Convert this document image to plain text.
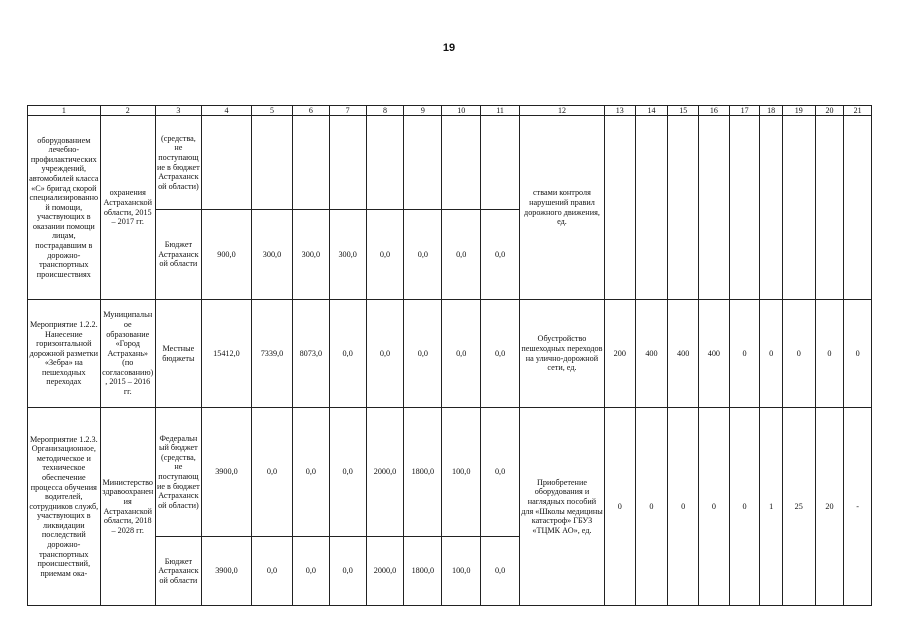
19
1	2	3	4	5	6	7	8	9	10	11	12	13	14	15	16	17	18	19	20	21
оборудованием лечебно-профилактических учреждений, автомобилей класса «С» бригад скорой специализированной помощи, участвующих в оказании помощи лицам, пострадавшим в дорожно-транспортных происшествиях	охранения Астраханской области, 2015 – 2017 гг.	(средства, не поступающие в бюджет Астраханской области)									ствами контроля нарушений правил дорожного движения, ед.									
		Бюджет Астраханской области	900,0	300,0	300,0	300,0	0,0	0,0	0,0	0,0										
Мероприятие 1.2.2. Нанесение горизонтальной дорожной разметки «Зебра» на пешеходных переходах	Муниципальное образование «Город Астрахань» (по согласованию), 2015 – 2016 гг.	Местные бюджеты	15412,0	7339,0	8073,0	0,0	0,0	0,0	0,0	0,0	Обустройство пешеходных переходов на улично-дорожной сети, ед.	200	400	400	400	0	0	0	0	0
Мероприятие 1.2.3. Организационное, методическое и техническое обеспечение процесса обучения водителей, сотрудников служб, участвующих в ликвидации последствий дорожно-транспортных происшествий, приемам ока-	Министерство здравоохранения Астраханской области, 2018 – 2028 гг.	Федеральный бюджет (средства, не поступающие в бюджет Астраханской области)	3900,0	0,0	0,0	0,0	2000,0	1800,0	100,0	0,0	Приобретение оборудования и наглядных пособий для «Школы медицины катастроф» ГБУЗ «ТЦМК АО», ед.	0	0	0	0	0	1	25	20	-
		Бюджет Астраханской области	3900,0	0,0	0,0	0,0	2000,0	1800,0	100,0	0,0										
